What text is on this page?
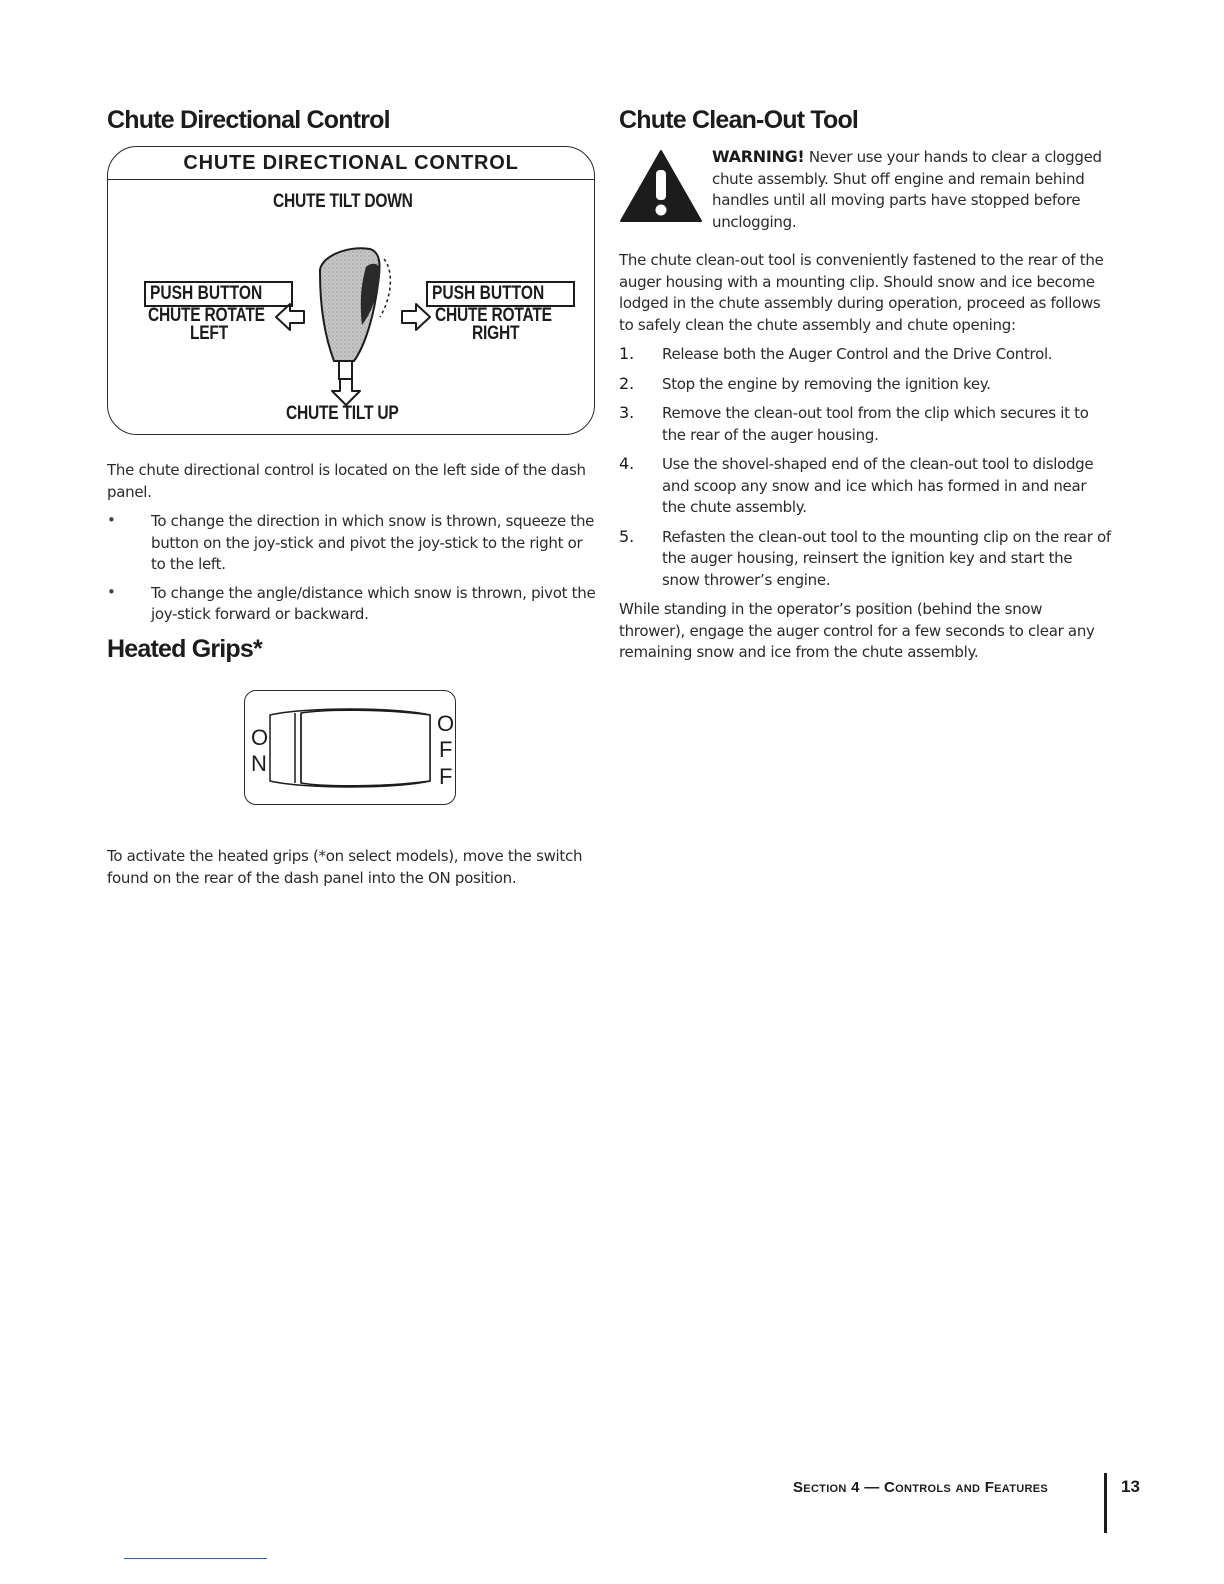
Chute Directional Control
CHUTE DIRECTIONAL CONTROL
CHUTE TILT DOWN
CHUTE TILT UP
PUSH BUTTON
CHUTE ROTATE
LEFT
PUSH BUTTON
CHUTE ROTATE
RIGHT

The chute directional control is located on the left side of the dash panel.

• To change the direction in which snow is thrown, squeeze the button on the joy-stick and pivot the joy-stick to the right or to the left.

• To change the angle/distance which snow is thrown, pivot the joy-stick forward or backward.

Heated Grips*
O
N
O
F
F

To activate the heated grips (*on select models), move the switch found on the rear of the dash panel into the ON position.

Chute Clean-Out Tool

WARNING! Never use your hands to clear a clogged chute assembly. Shut off engine and remain behind handles until all moving parts have stopped before unclogging.

The chute clean-out tool is conveniently fastened to the rear of the auger housing with a mounting clip. Should snow and ice become lodged in the chute assembly during operation, proceed as follows to safely clean the chute assembly and chute opening:

1. Release both the Auger Control and the Drive Control.

2. Stop the engine by removing the ignition key.

3. Remove the clean-out tool from the clip which secures it to the rear of the auger housing.

4. Use the shovel-shaped end of the clean-out tool to dislodge and scoop any snow and ice which has formed in and near the chute assembly.

5. Refasten the clean-out tool to the mounting clip on the rear of the auger housing, reinsert the ignition key and start the snow thrower’s engine.

While standing in the operator’s position (behind the snow thrower), engage the auger control for a few seconds to clear any remaining snow and ice from the chute assembly.

Section 4 — Controls and Features	13
